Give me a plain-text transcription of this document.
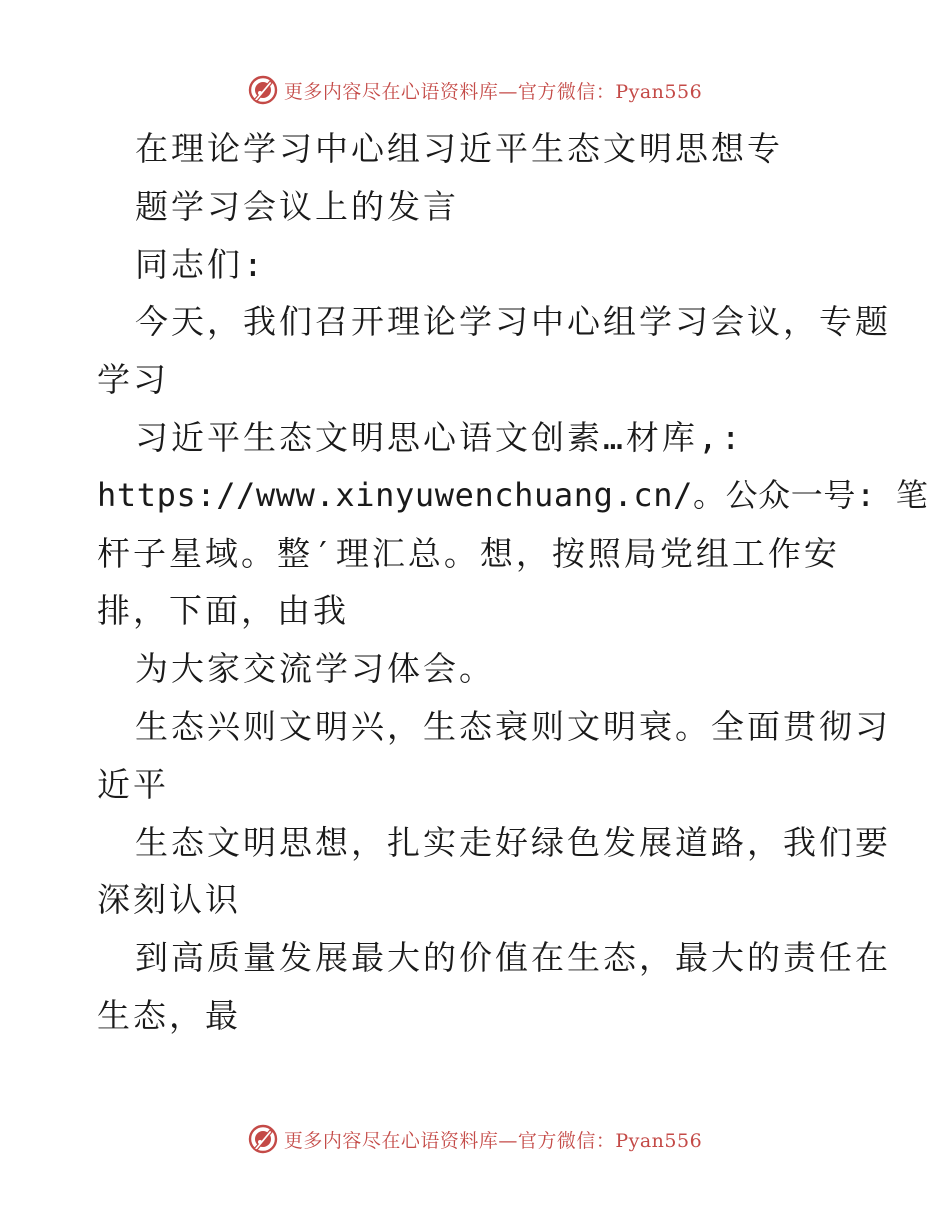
更多内容尽在心语资料库—官方微信：Pyan556
在理论学习中心组习近平生态文明思想专
题学习会议上的发言
同志们:
今天，我们召开理论学习中心组学习会议，专题
学习
习近平生态文明思心语文创素…材库,:
https://www.xinyuwenchuang.cn/。公众一号: 笔
杆子星域。整′理汇总。想，按照局党组工作安
排，下面，由我
为大家交流学习体会。
生态兴则文明兴，生态衰则文明衰。全面贯彻习
近平
生态文明思想，扎实走好绿色发展道路，我们要
深刻认识
到高质量发展最大的价值在生态，最大的责任在
生态，最
更多内容尽在心语资料库—官方微信：Pyan556
